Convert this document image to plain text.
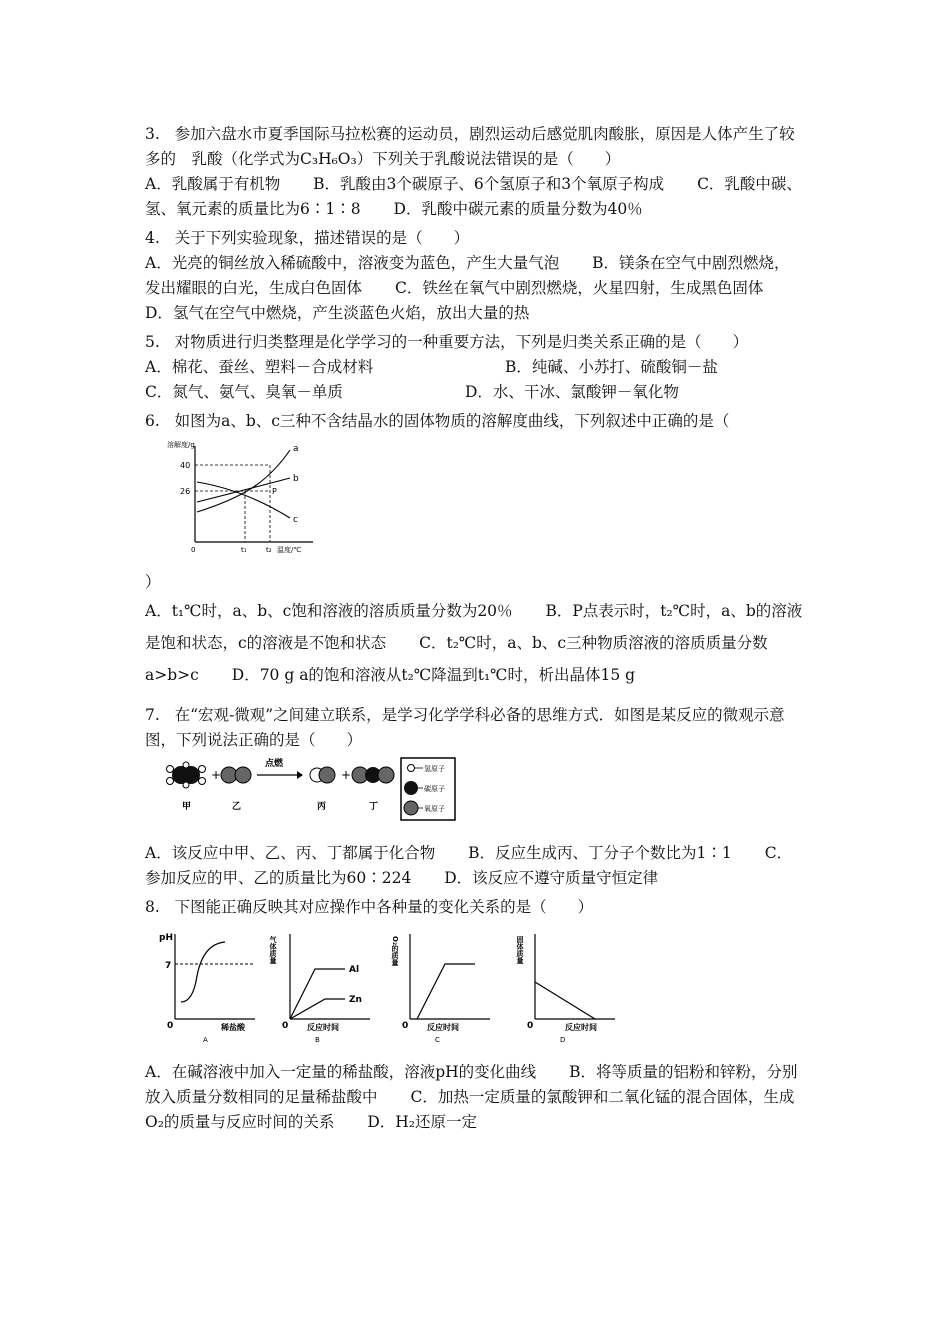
3. 参加六盘水市夏季国际马拉松赛的运动员，剧烈运动后感觉肌肉酸胀，原因是人体产生了较多的　乳酸（化学式为C₃H₆O₃）下列关于乳酸说法错误的是（　　）

A．乳酸属于有机物 B．乳酸由3个碳原子、6个氢原子和3个氧原子构成 C．乳酸中碳、氢、氧元素的质量比为6∶1∶8 D．乳酸中碳元素的质量分数为40％

4. 关于下列实验现象，描述错误的是（　　）

A．光亮的铜丝放入稀硫酸中，溶液变为蓝色，产生大量气泡 B．镁条在空气中剧烈燃烧，发出耀眼的白光，生成白色固体 C．铁丝在氧气中剧烈燃烧，火星四射，生成黑色固体 D．氢气在空气中燃烧，产生淡蓝色火焰，放出大量的热

5. 对物质进行归类整理是化学学习的一种重要方法，下列是归类关系正确的是（　　）

A．棉花、蚕丝、塑料－合成材料	B．纯碱、小苏打、硫酸铜－盐

C．氮气、氨气、臭氧－单质	D．水、干冰、氯酸钾－氧化物

6. 如图为a、b、c三种不含结晶水的固体物质的溶解度曲线，下列叙述中正确的是（

溶解度/g
40
26
a
b
c
P
0	t₁	t₂ 温度/℃

）

A．t₁℃时，a、b、c饱和溶液的溶质质量分数为20％ B．P点表示时，t₂℃时，a、b的溶液是饱和状态，c的溶液是不饱和状态 C．t₂℃时，a、b、c三种物质溶液的溶质质量分数a>b>c D．70 g a的饱和溶液从t₂℃降温到t₁℃时，析出晶体15 g

7. 在“宏观-微观”之间建立联系，是学习化学学科必备的思维方式．如图是某反应的微观示意图，下列说法正确的是（　　）

+
点燃
+
甲	乙	丙	丁
氢原子
碳原子
氧原子

A．该反应中甲、乙、丙、丁都属于化合物 B．反应生成丙、丁分子个数比为1∶1 C．参加反应的甲、乙的质量比为60∶224 D．该反应不遵守质量守恒定律

8. 下图能正确反映其对应操作中各种量的变化关系的是（　　）

pH
7
0	稀盐酸
A
气体质量
Al
Zn
0 反应时间
B
O₂的质量
0 反应时间
C
固体质量
0	反应时间
D

A．在碱溶液中加入一定量的稀盐酸，溶液pH的变化曲线 B．将等质量的铝粉和锌粉，分别放入质量分数相同的足量稀盐酸中 C．加热一定质量的氯酸钾和二氧化锰的混合固体，生成O₂的质量与反应时间的关系 D．H₂还原一定
